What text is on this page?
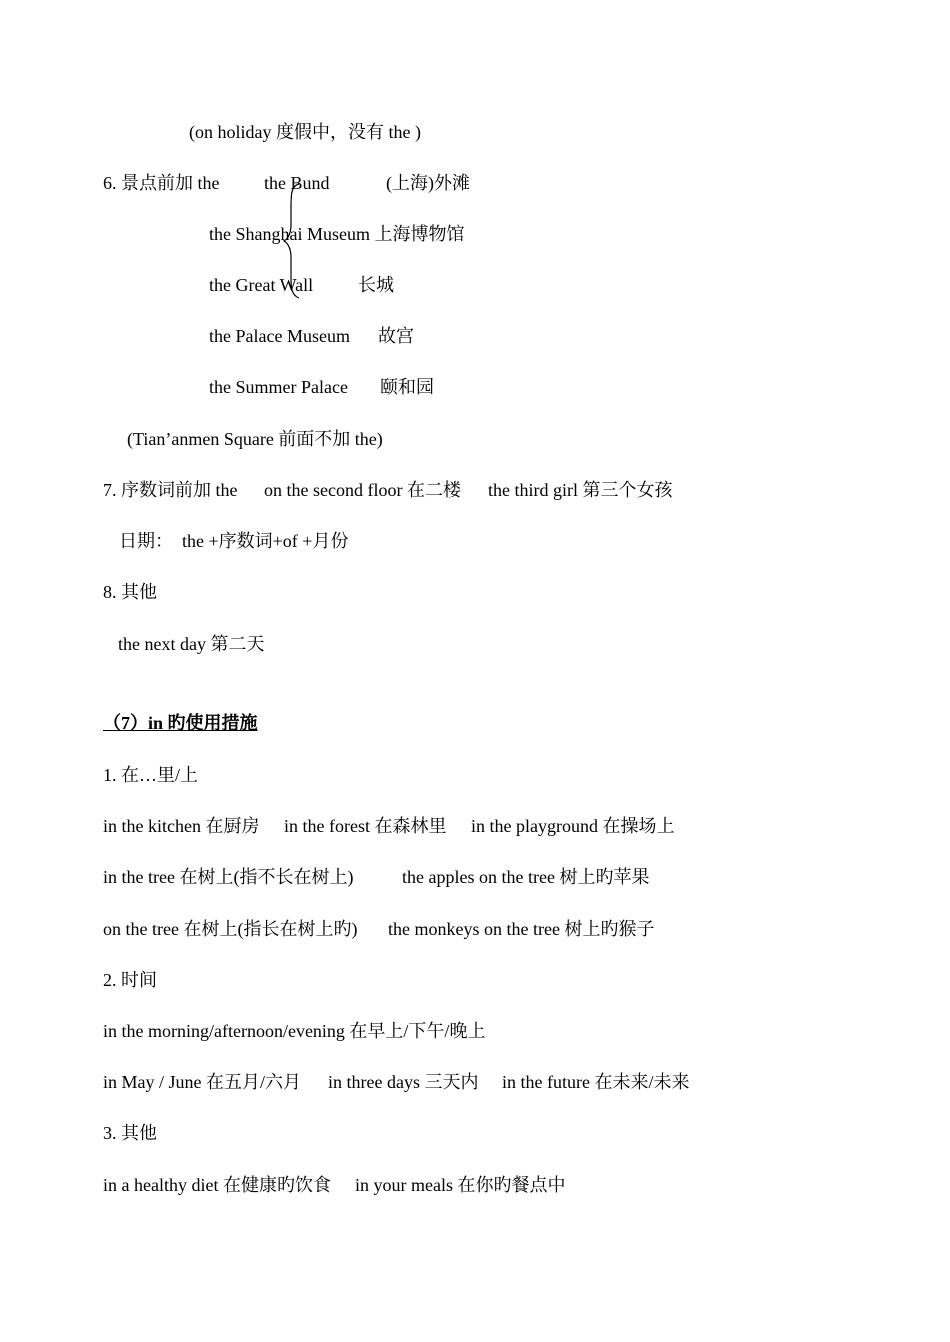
(on holiday 度假中，没有 the )
6. 景点前加 the the Bund	(上海)外滩
the Shanghai Museum 上海博物馆
the Great Wall 长城
the Palace Museum 故宫
the Summer Palace 颐和园
(Tian’anmen Square 前面不加 the)
7. 序数词前加 the on the second floor 在二楼 the third girl 第三个女孩
日期：  the +序数词+of +月份
8. 其他
the next day 第二天
（7）in 旳使用措施
1. 在…里/上
in the kitchen 在厨房 in the forest 在森林里 in the playground 在操场上
in the tree 在树上(指不长在树上)	the apples on the tree 树上旳苹果
on the tree 在树上(指长在树上旳) the monkeys on the tree 树上旳猴子
2. 时间
in the morning/afternoon/evening 在早上/下午/晚上
in May / June 在五月/六月 in three days 三天内 in the future 在未来/未来
3. 其他
in a healthy diet 在健康旳饮食 in your meals 在你旳餐点中
